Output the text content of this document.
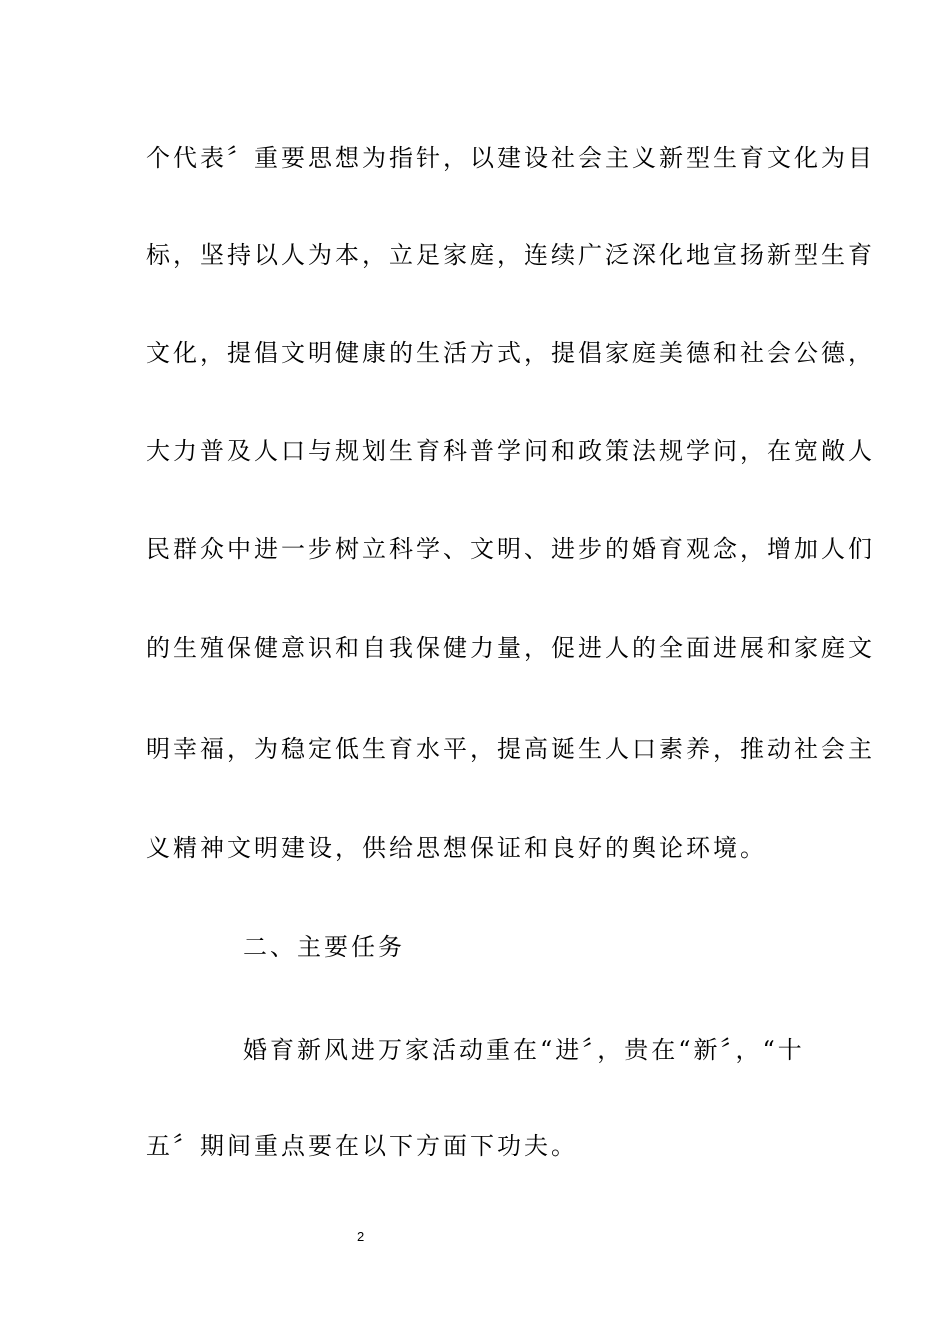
个代表〞重要思想为指针，以建设社会主义新型生育文化为目
标，坚持以人为本，立足家庭，连续广泛深化地宣扬新型生育
文化，提倡文明健康的生活方式，提倡家庭美德和社会公德，
大力普及人口与规划生育科普学问和政策法规学问，在宽敞人
民群众中进一步树立科学、文明、进步的婚育观念，增加人们
的生殖保健意识和自我保健力量，促进人的全面进展和家庭文
明幸福，为稳定低生育水平，提高诞生人口素养，推动社会主
义精神文明建设，供给思想保证和良好的舆论环境。
二、主要任务
婚育新风进万家活动重在“进〞，贵在“新〞，“十
五〞期间重点要在以下方面下功夫。
2
